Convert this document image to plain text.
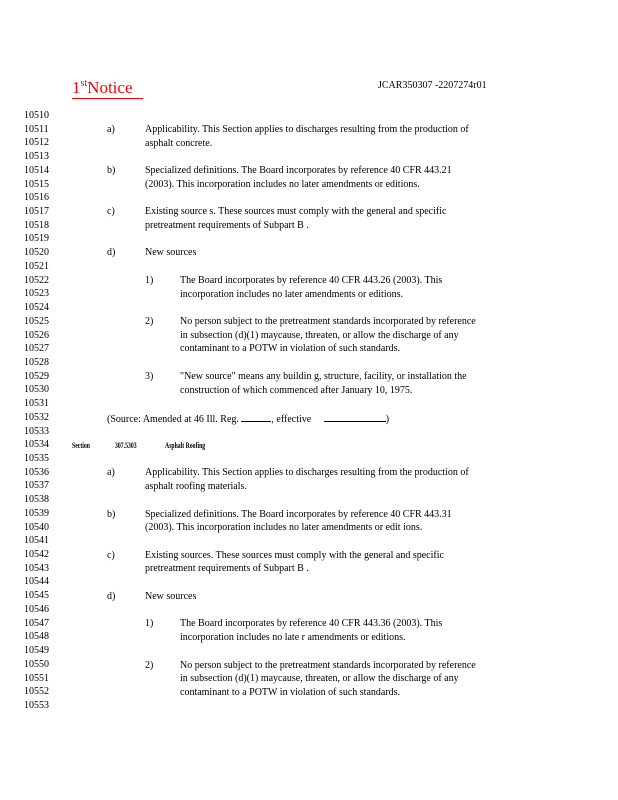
1stNotice	JCAR350307 -2207274r01
10510
10511
10512
10513
10514
10515
10516
10517
10518
10519
10520
10521
10522
10523
10524
10525
10526
10527
10528
10529
10530
10531
10532
10533
10534
10535
10536
10537
10538
10539
10540
10541
10542
10543
10544
10545
10546
10547
10548
10549
10550
10551
10552
10553
a)	Applicability. This Section applies to discharges resulting from the production of
asphalt concrete.
b)	Specialized definitions. The Board incorporates by reference 40 CFR 443.21
(2003). This incorporation includes no later amendments or editions.
c)	Existing source s. These sources must comply with the general and specific
pretreatment requirements of Subpart B .
d)	New sources
1)	The Board incorporates by reference 40 CFR 443.26 (2003). This
incorporation includes no later amendments or editions.
2)	No person subject to the pretreatment standards incorporated by reference
in subsection (d)(1) maycause, threaten, or allow the discharge of any
contaminant to a POTW in violation of such standards.
3)	"New source" means any buildin g, structure, facility, or installation the
construction of which commenced after January 10, 1975.
(Source: Amended at 46 Ill. Reg.	, effective	)
Section	307.5303	Asphalt Roofing
a)	Applicability. This Section applies to discharges resulting from the production of
asphalt roofing materials.
b)	Specialized definitions. The Board incorporates by reference 40 CFR 443.31
(2003). This incorporation includes no later amendments or edit ions.
c)	Existing sources. These sources must comply with the general and specific
pretreatment requirements of Subpart B .
d)	New sources
1)	The Board incorporates by reference 40 CFR 443.36 (2003). This
incorporation includes no late r amendments or editions.
2)	No person subject to the pretreatment standards incorporated by reference
in subsection (d)(1) maycause, threaten, or allow the discharge of any
contaminant to a POTW in violation of such standards.
